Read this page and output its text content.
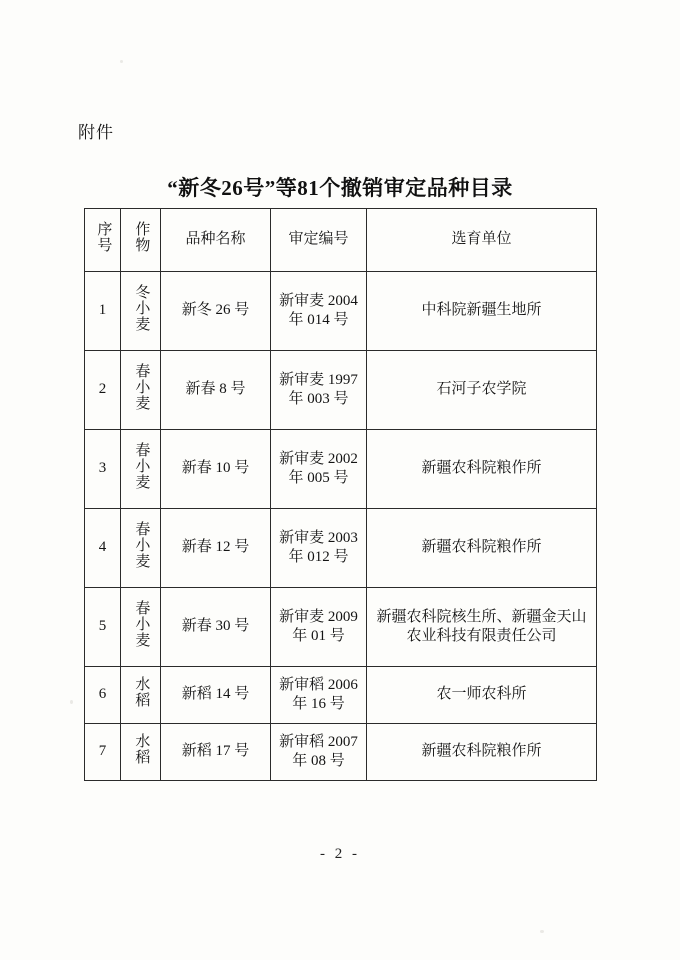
附件
“新冬26号”等81个撤销审定品种目录
序号	作物	品种名称	审定编号	选育单位
1	冬小麦	新冬 26 号	新审麦 2004 年 014 号	中科院新疆生地所
2	春小麦	新春 8 号	新审麦 1997 年 003 号	石河子农学院
3	春小麦	新春 10 号	新审麦 2002 年 005 号	新疆农科院粮作所
4	春小麦	新春 12 号	新审麦 2003 年 012 号	新疆农科院粮作所
5	春小麦	新春 30 号	新审麦 2009 年 01 号	新疆农科院核生所、新疆金天山农业科技有限责任公司
6	水稻	新稻 14 号	新审稻 2006 年 16 号	农一师农科所
7	水稻	新稻 17 号	新审稻 2007 年 08 号	新疆农科院粮作所
- 2 -
